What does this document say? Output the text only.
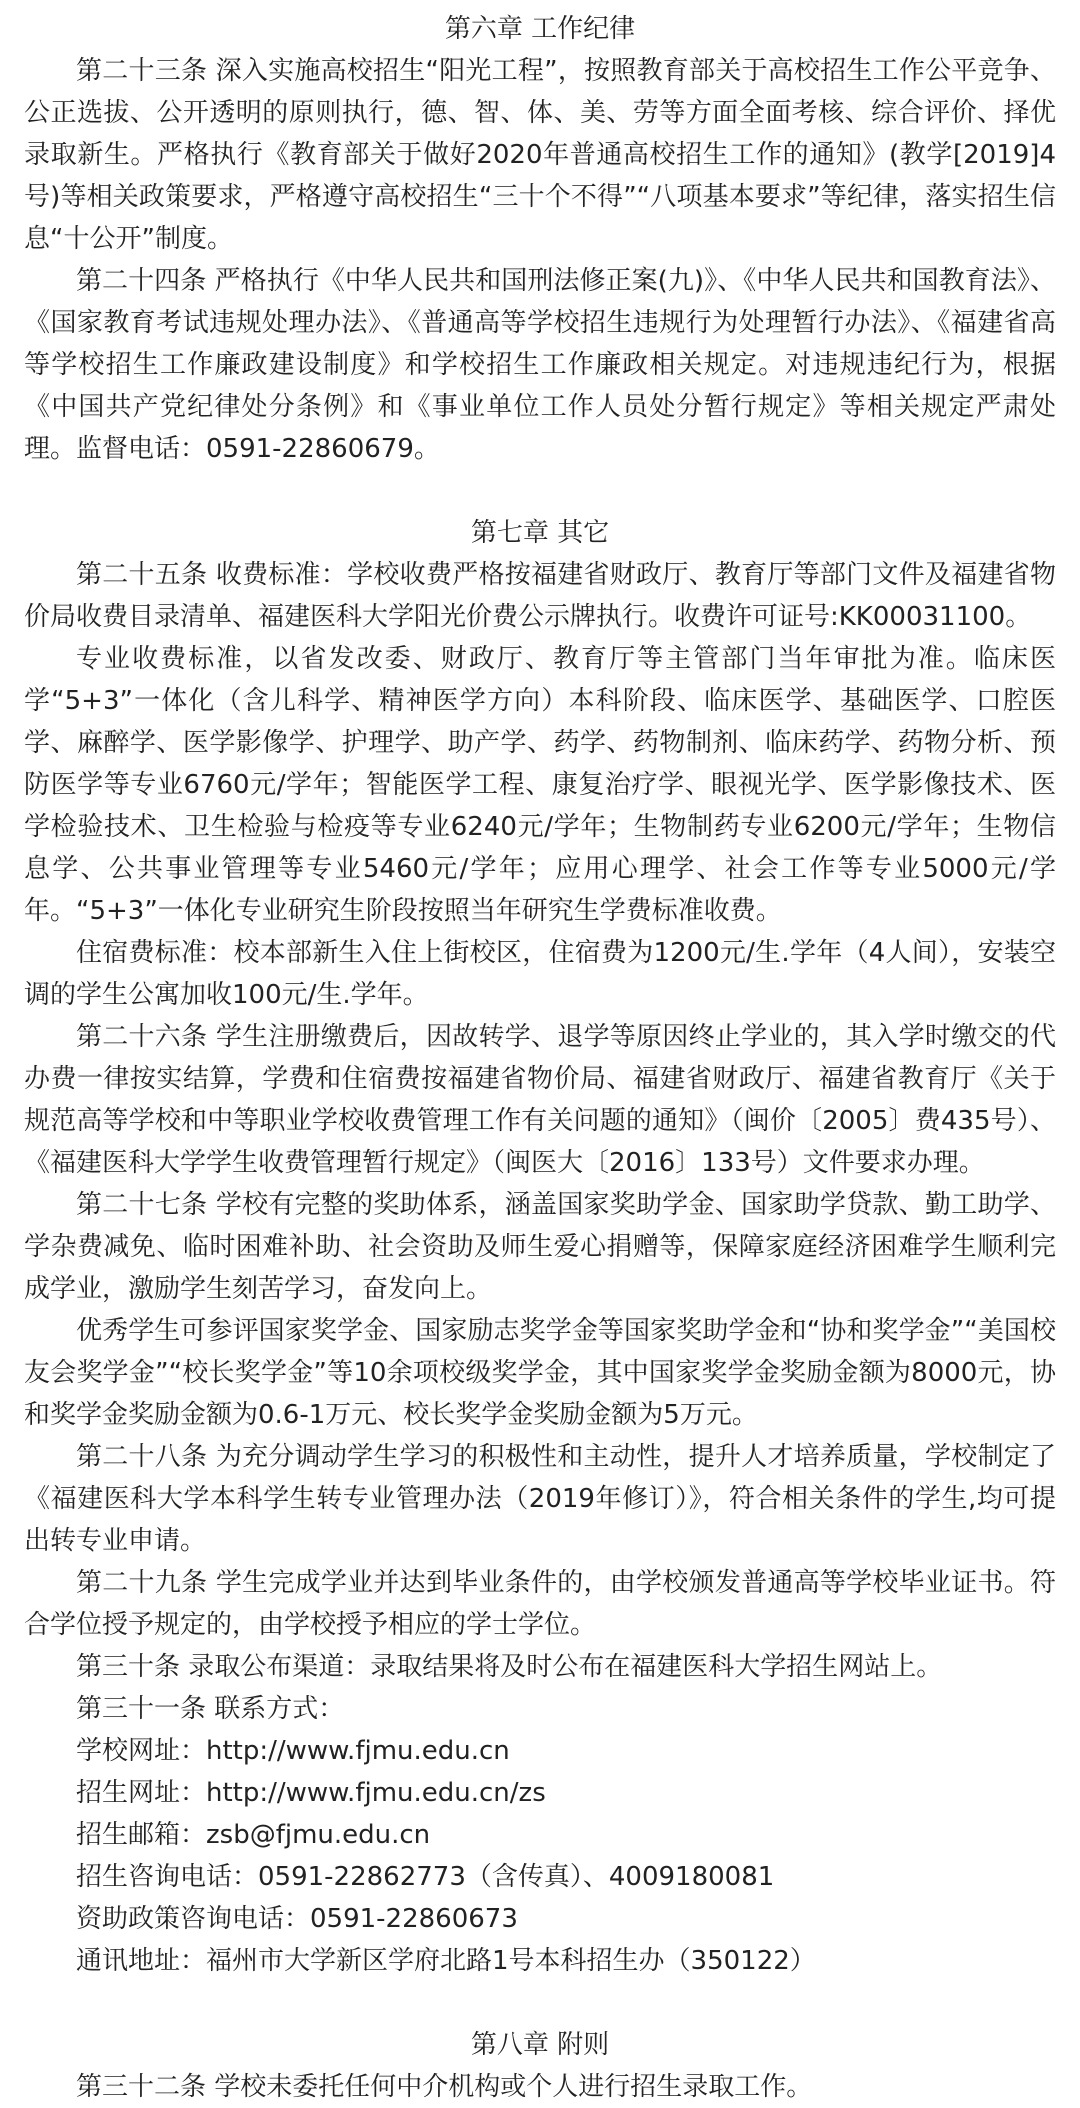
第六章 工作纪律

第二十三条 深入实施高校招生“阳光工程”，按照教育部关于高校招生工作公平竞争、公正选拔、公开透明的原则执行，德、智、体、美、劳等方面全面考核、综合评价、择优录取新生。严格执行《教育部关于做好2020年普通高校招生工作的通知》(教学[2019]4号)等相关政策要求，严格遵守高校招生“三十个不得”“八项基本要求”等纪律，落实招生信息“十公开”制度。

第二十四条 严格执行《中华人民共和国刑法修正案(九)》、《中华人民共和国教育法》、《国家教育考试违规处理办法》、《普通高等学校招生违规行为处理暂行办法》、《福建省高等学校招生工作廉政建设制度》和学校招生工作廉政相关规定。对违规违纪行为，根据《中国共产党纪律处分条例》和《事业单位工作人员处分暂行规定》等相关规定严肃处理。监督电话：0591-22860679。

第七章 其它

第二十五条 收费标准：学校收费严格按福建省财政厅、教育厅等部门文件及福建省物价局收费目录清单、福建医科大学阳光价费公示牌执行。收费许可证号:KK00031100。

专业收费标准，以省发改委、财政厅、教育厅等主管部门当年审批为准。临床医学“5+3”一体化（含儿科学、精神医学方向）本科阶段、临床医学、基础医学、口腔医学、麻醉学、医学影像学、护理学、助产学、药学、药物制剂、临床药学、药物分析、预防医学等专业6760元/学年；智能医学工程、康复治疗学、眼视光学、医学影像技术、医学检验技术、卫生检验与检疫等专业6240元/学年；生物制药专业6200元/学年；生物信息学、公共事业管理等专业5460元/学年；应用心理学、社会工作等专业5000元/学年。“5+3”一体化专业研究生阶段按照当年研究生学费标准收费。

住宿费标准：校本部新生入住上街校区，住宿费为1200元/生.学年（4人间），安装空调的学生公寓加收100元/生.学年。

第二十六条 学生注册缴费后，因故转学、退学等原因终止学业的，其入学时缴交的代办费一律按实结算，学费和住宿费按福建省物价局、福建省财政厅、福建省教育厅《关于规范高等学校和中等职业学校收费管理工作有关问题的通知》（闽价〔2005〕费435号）、《福建医科大学学生收费管理暂行规定》（闽医大〔2016〕133号）文件要求办理。

第二十七条 学校有完整的奖助体系，涵盖国家奖助学金、国家助学贷款、勤工助学、学杂费减免、临时困难补助、社会资助及师生爱心捐赠等，保障家庭经济困难学生顺利完成学业，激励学生刻苦学习，奋发向上。

优秀学生可参评国家奖学金、国家励志奖学金等国家奖助学金和“协和奖学金”“美国校友会奖学金”“校长奖学金”等10余项校级奖学金，其中国家奖学金奖励金额为8000元，协和奖学金奖励金额为0.6-1万元、校长奖学金奖励金额为5万元。

第二十八条 为充分调动学生学习的积极性和主动性，提升人才培养质量，学校制定了《福建医科大学本科学生转专业管理办法（2019年修订）》，符合相关条件的学生,均可提出转专业申请。

第二十九条 学生完成学业并达到毕业条件的，由学校颁发普通高等学校毕业证书。符合学位授予规定的，由学校授予相应的学士学位。

第三十条 录取公布渠道：录取结果将及时公布在福建医科大学招生网站上。

第三十一条 联系方式：

学校网址：http://www.fjmu.edu.cn

招生网址：http://www.fjmu.edu.cn/zs

招生邮箱：zsb@fjmu.edu.cn

招生咨询电话：0591-22862773（含传真）、4009180081

资助政策咨询电话：0591-22860673

通讯地址：福州市大学新区学府北路1号本科招生办（350122）

第八章 附则

第三十二条 学校未委托任何中介机构或个人进行招生录取工作。
